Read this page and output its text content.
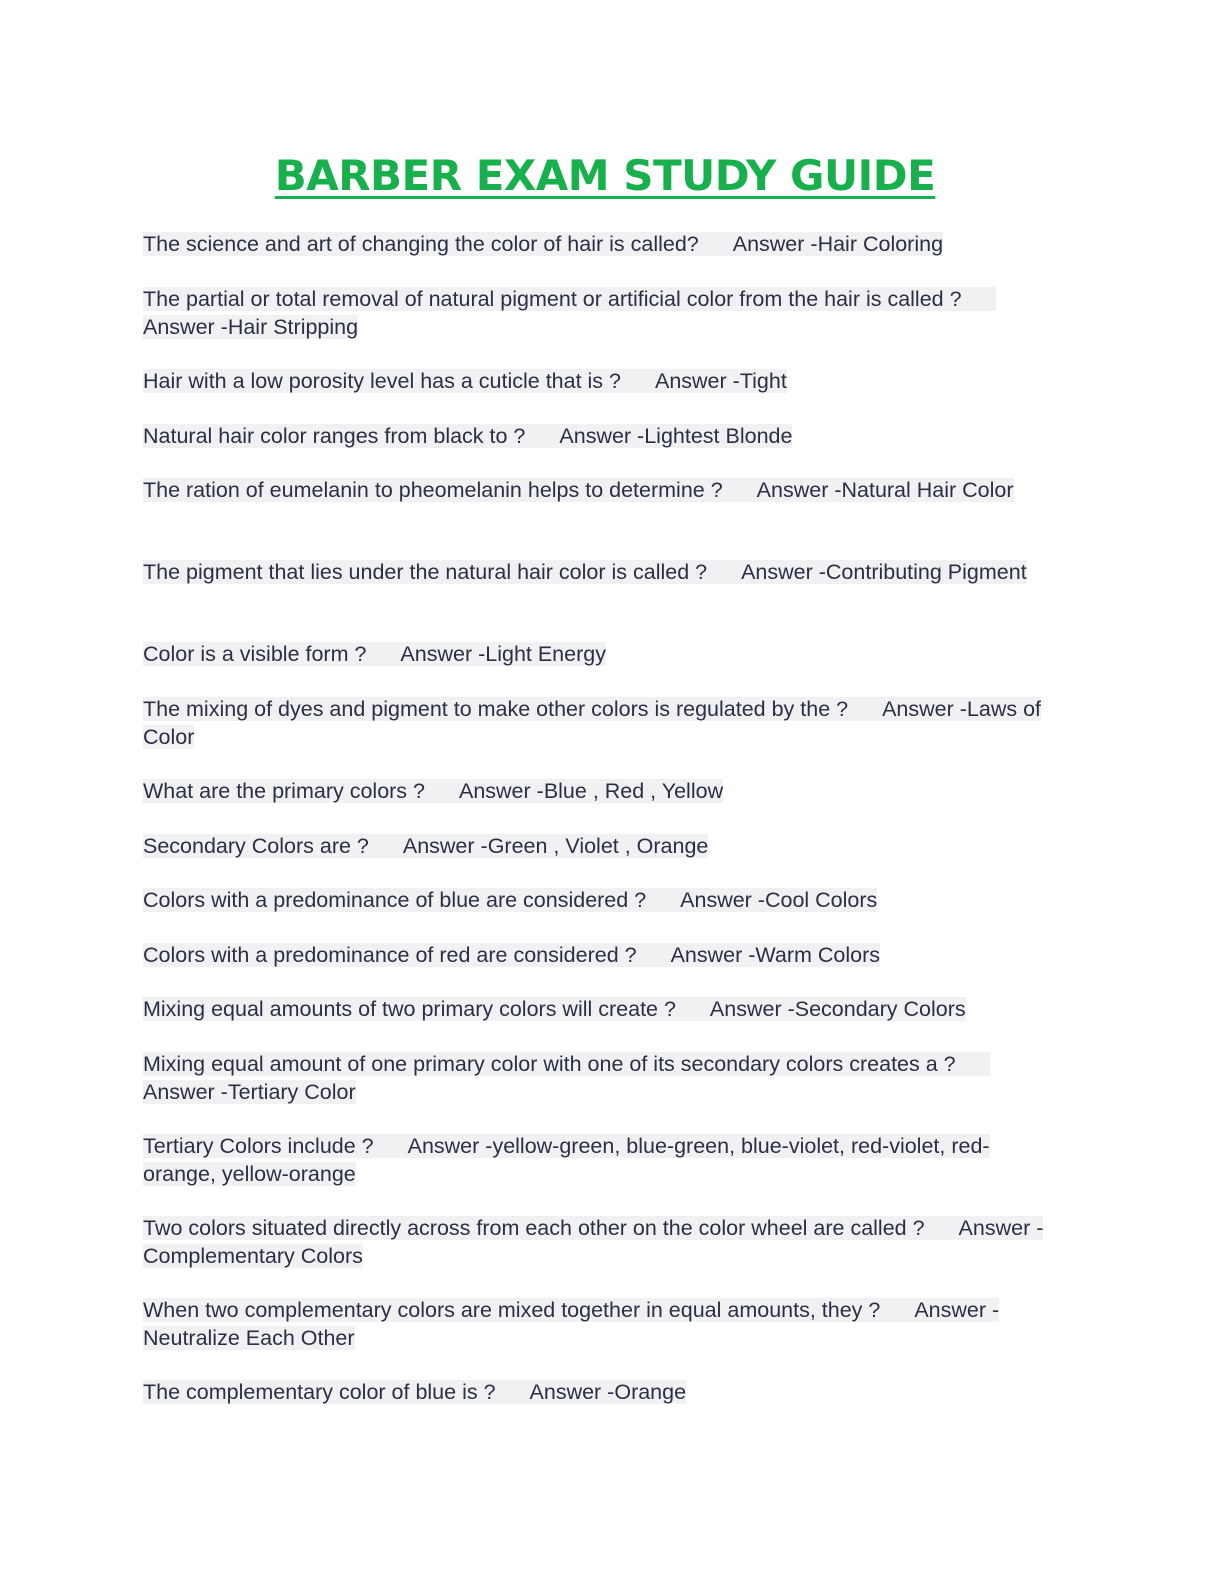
BARBER EXAM STUDY GUIDE
The science and art of changing the color of hair is called? Answer -Hair Coloring
The partial or total removal of natural pigment or artificial color from the hair is called ? Answer -Hair Stripping
Hair with a low porosity level has a cuticle that is ? Answer -Tight
Natural hair color ranges from black to ? Answer -Lightest Blonde
The ration of eumelanin to pheomelanin helps to determine ? Answer -Natural Hair Color
The pigment that lies under the natural hair color is called ? Answer -Contributing Pigment
Color is a visible form ? Answer -Light Energy
The mixing of dyes and pigment to make other colors is regulated by the ? Answer -Laws of Color
What are the primary colors ? Answer -Blue , Red , Yellow
Secondary Colors are ? Answer -Green , Violet , Orange
Colors with a predominance of blue are considered ? Answer -Cool Colors
Colors with a predominance of red are considered ? Answer -Warm Colors
Mixing equal amounts of two primary colors will create ? Answer -Secondary Colors
Mixing equal amount of one primary color with one of its secondary colors creates a ? Answer -Tertiary Color
Tertiary Colors include ? Answer -yellow-green, blue-green, blue-violet, red-violet, red-orange, yellow-orange
Two colors situated directly across from each other on the color wheel are called ? Answer -Complementary Colors
When two complementary colors are mixed together in equal amounts, they ? Answer -Neutralize Each Other
The complementary color of blue is ? Answer -Orange
